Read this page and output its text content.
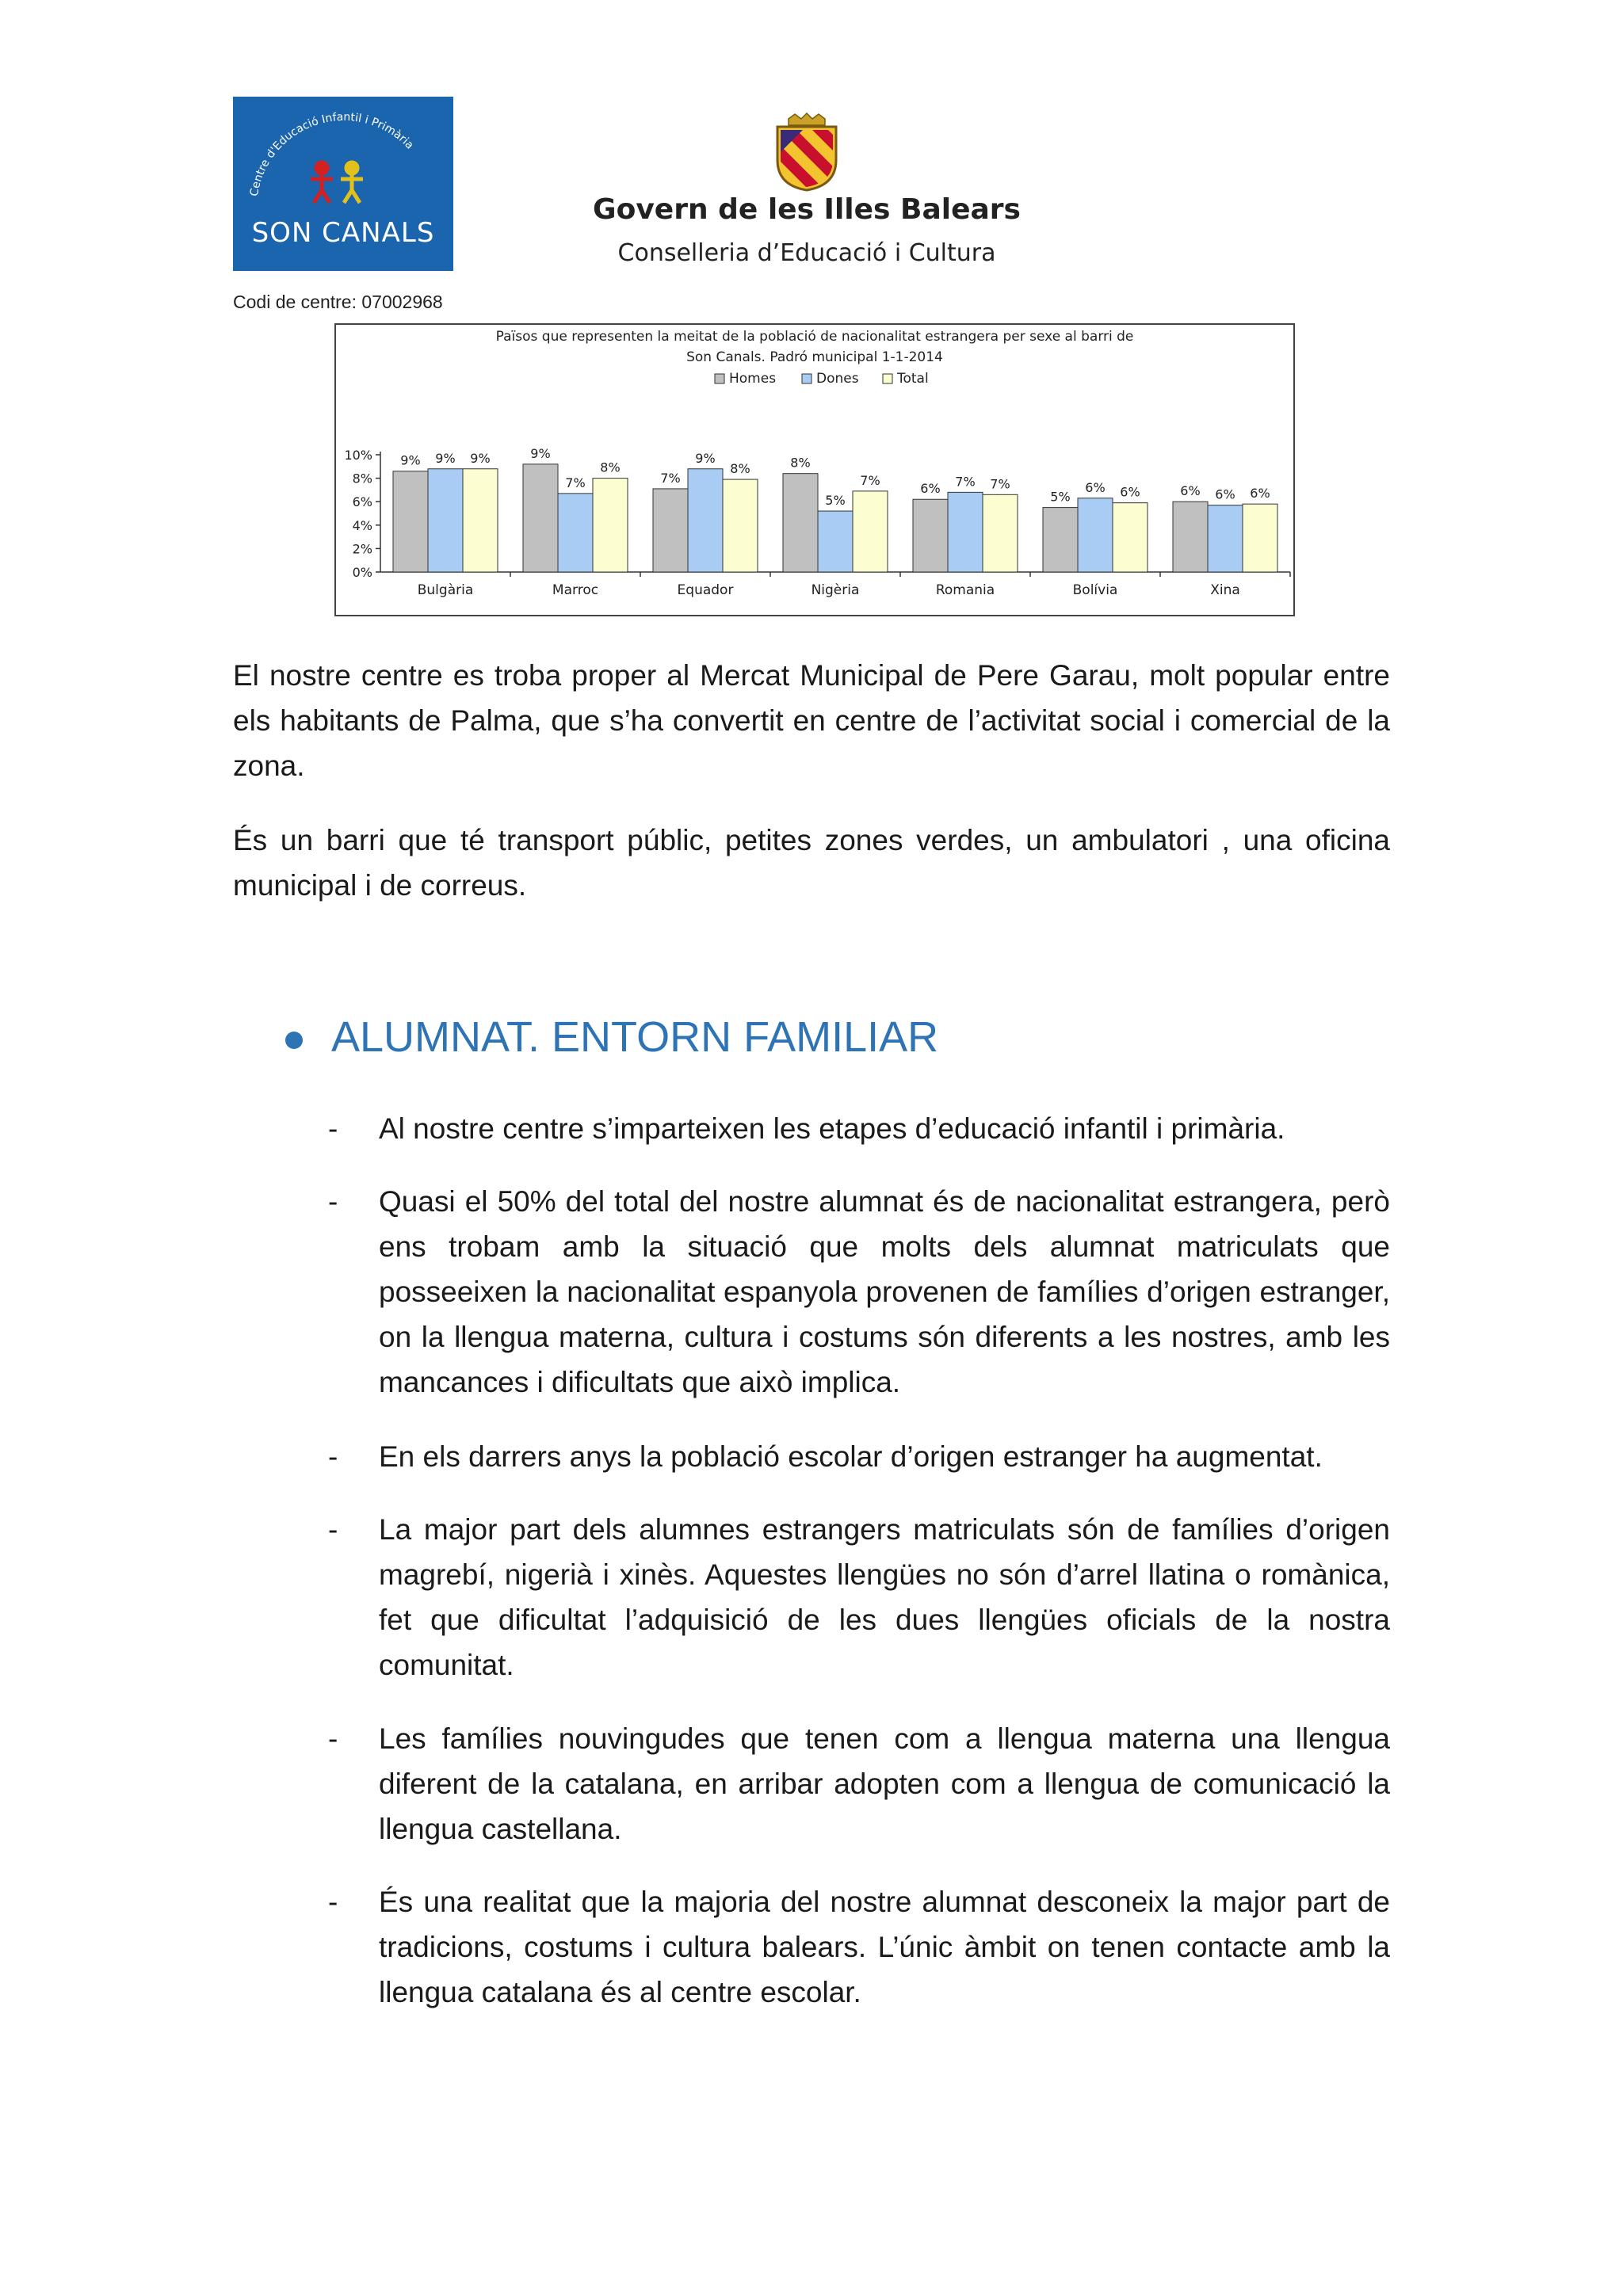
Centre d'Educació Infantil i Primària
SON CANALS
Govern de les Illes Balears
Conselleria d’Educació i Cultura
Codi de centre: 07002968
Països que representen la meitat de la població de nacionalitat estrangera per sexe al barri de
Son Canals. Padró municipal 1-1-2014
Homes	Dones	Total
0%
2%
4%
6%
8%
10% 9% 9% 9%
Bulgària
9%
7%
8%
Marroc
7%
9%
8%
Equador
8%
5%
7%
Nigèria
6% 7% 7%
Romania
5%
6% 6%
Bolívia
6% 6% 6%
Xina

El nostre centre es troba proper al Mercat Municipal de Pere Garau, molt popular entre els habitants de Palma, que s’ha convertit en centre de l’activitat social i comercial de la zona.

És un barri que té transport públic, petites zones verdes, un ambulatori , una oficina municipal i de correus.

ALUMNAT. ENTORN FAMILIAR
- Al nostre centre s’imparteixen les etapes d’educació infantil i primària.

- Quasi el 50% del total del nostre alumnat és de nacionalitat estrangera, però ens trobam amb la situació que molts dels alumnat matriculats que posseeixen la nacionalitat espanyola provenen de famílies d’origen estranger, on la llengua materna, cultura i costums són diferents a les nostres, amb les mancances i dificultats que això implica.

- En els darrers anys la població escolar d’origen estranger ha augmentat.

- La major part dels alumnes estrangers matriculats són de famílies d’origen magrebí, nigerià i xinès. Aquestes llengües no són d’arrel llatina o romànica, fet que dificultat l’adquisició de les dues llengües oficials de la nostra comunitat.

- Les famílies nouvingudes que tenen com a llengua materna una llengua diferent de la catalana, en arribar adopten com a llengua de comunicació la llengua castellana.

- És una realitat que la majoria del nostre alumnat desconeix la major part de tradicions, costums i cultura balears. L’únic àmbit on tenen contacte amb la llengua catalana és al centre escolar.
